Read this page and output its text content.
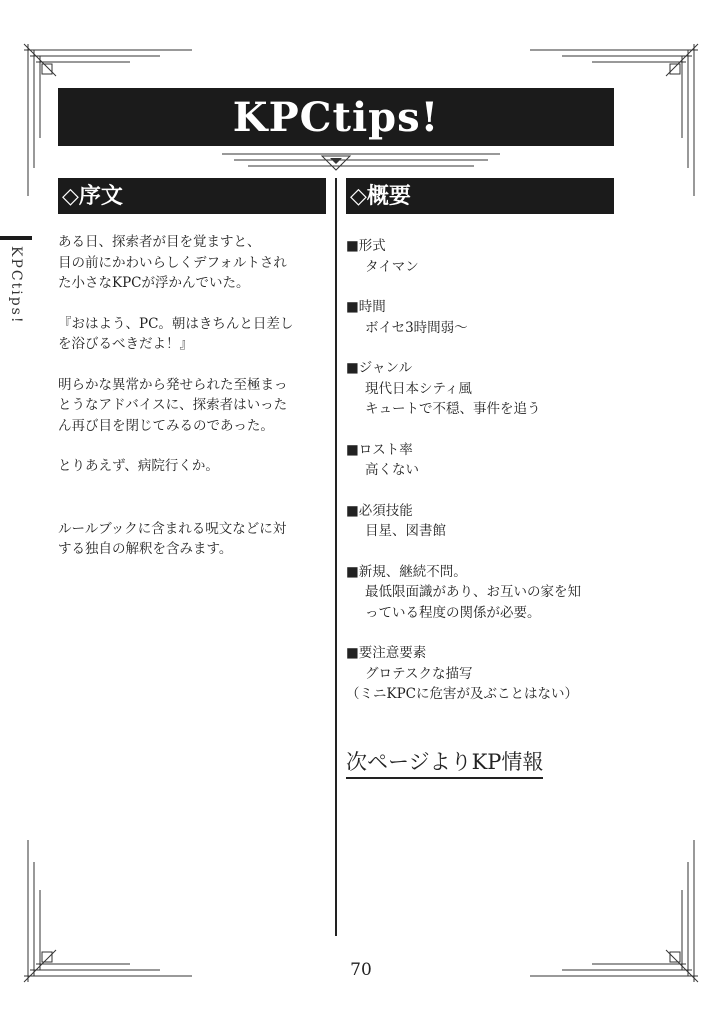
KPCtips!
KPCtips!
◇序文	◇概要

ある日、探索者が目を覚ますと、
目の前にかわいらしくデフォルトされ
た小さなKPCが浮かんでいた。

『おはよう、PC。朝はきちんと日差し
を浴びるべきだよ！』

明らかな異常から発せられた至極まっ
とうなアドバイスに、探索者はいった
ん再び目を閉じてみるのであった。

とりあえず、病院行くか。

ルールブックに含まれる呪文などに対
する独自の解釈を含みます。

■形式
タイマン
■時間
ボイセ3時間弱～
■ジャンル
現代日本シティ風
キュートで不穏、事件を追う
■ロスト率
高くない
■必須技能
目星、図書館
■新規、継続不問。
最低限面識があり、お互いの家を知
っている程度の関係が必要。
■要注意要素
グロテスクな描写
（ミニKPCに危害が及ぶことはない）
次ページよりKP情報
70
